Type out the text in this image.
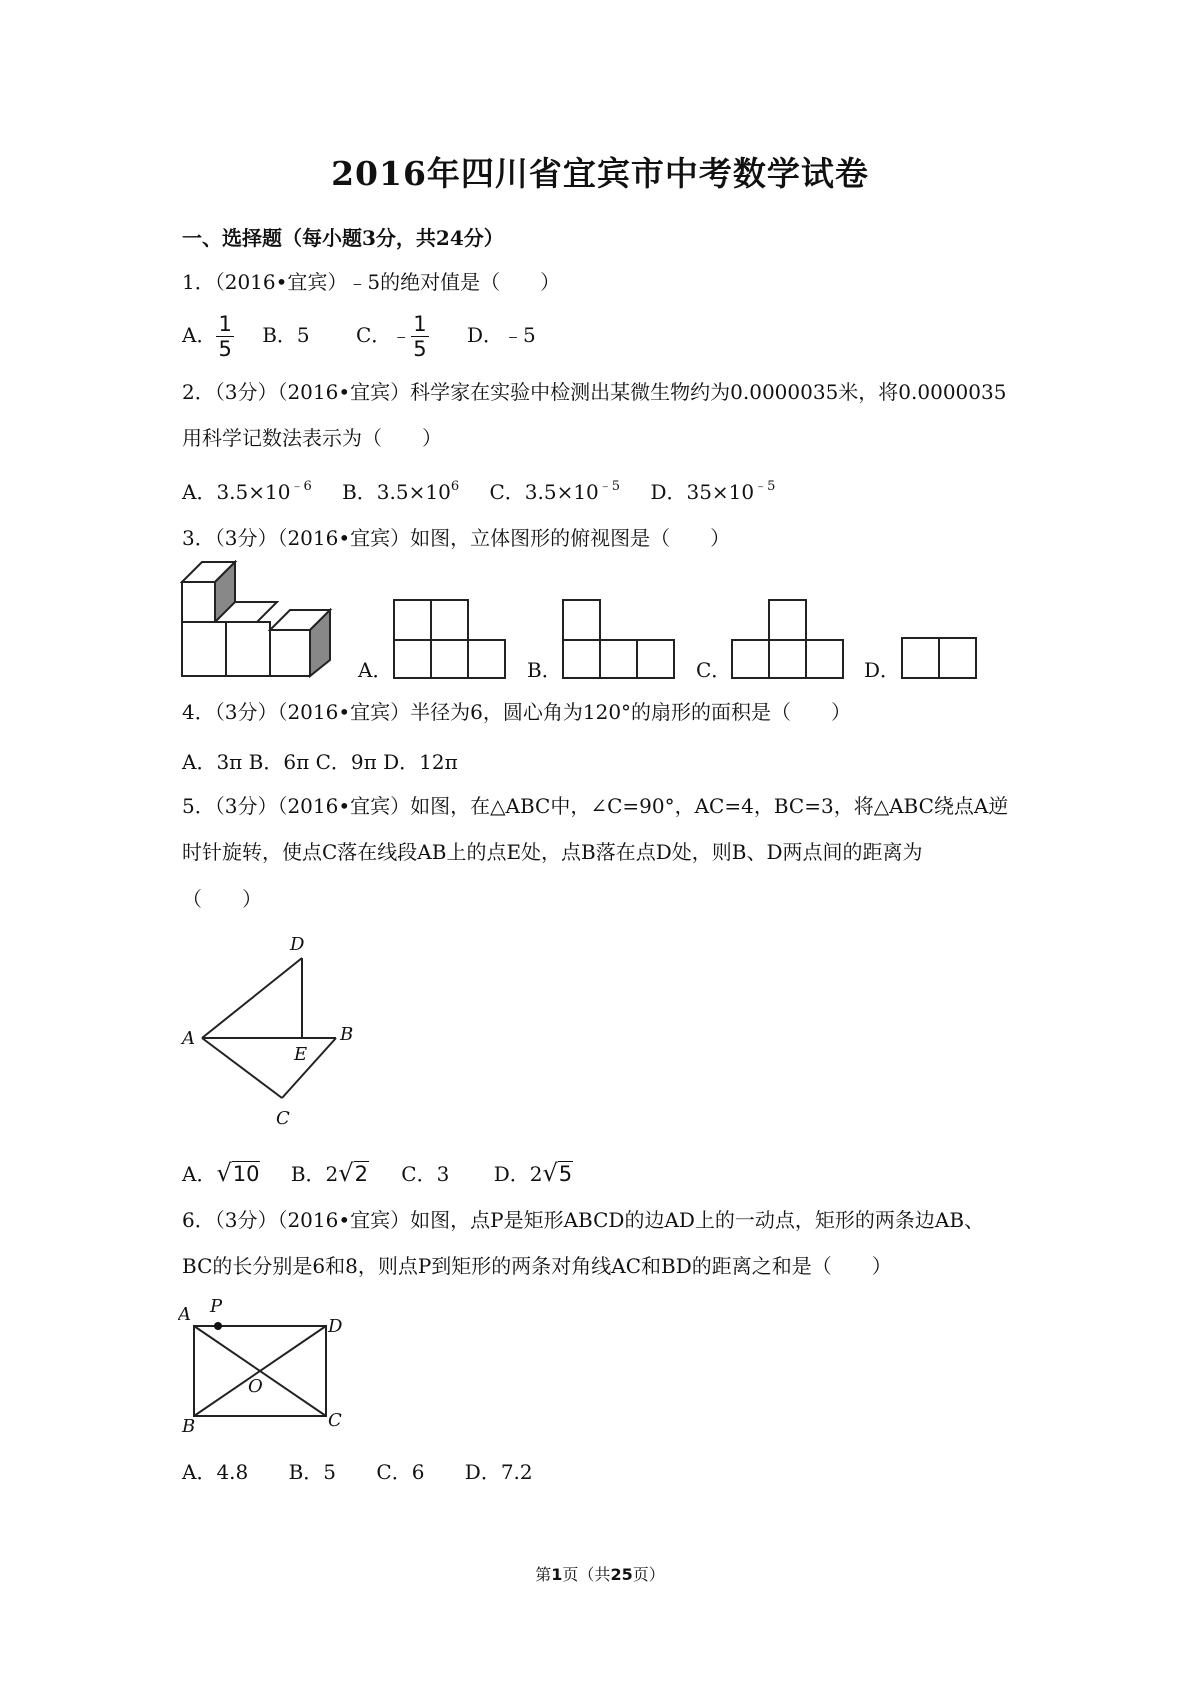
2016年四川省宜宾市中考数学试卷
一、选择题（每小题3分，共24分）
1．（2016•宜宾）﹣5的绝对值是（　　）
A． $\frac{1}{5}$ B．5 C．﹣ $\frac{1}{5}$ D．﹣5
2．（3分）（2016•宜宾）科学家在实验中检测出某微生物约为0.0000035米，将0.0000035
用科学记数法表示为（　　）
A．$3.5\times 10^{﹣6}$ B．$3.5\times 10^6$ C．$3.5\times 10^{﹣5}$ D．$35\times 10^{﹣5}$
3．（3分）（2016•宜宾）如图，立体图形的俯视图是（　　）
A．	B．	C．	D．
4．（3分）（2016•宜宾）半径为6，圆心角为120°的扇形的面积是（　　）
A．3π B．6π C．9π D．12π
5．（3分）（2016•宜宾）如图，在△ABC中，∠C=90°，AC=4，BC=3，将△ABC绕点A逆
时针旋转，使点C落在线段AB上的点E处，点B落在点D处，则B、D两点间的距离为
（　　）
D
A
E
B
C
A．√10 B．2√2 C．3 D．2√5
6．（3分）（2016•宜宾）如图，点P是矩形ABCD的边AD上的一动点，矩形的两条边AB、
BC的长分别是6和8，则点P到矩形的两条对角线AC和BD的距离之和是（　　）
A P
D
O
B	C
A．4.8 B．5 C．6 D．7.2
第1页（共25页）
